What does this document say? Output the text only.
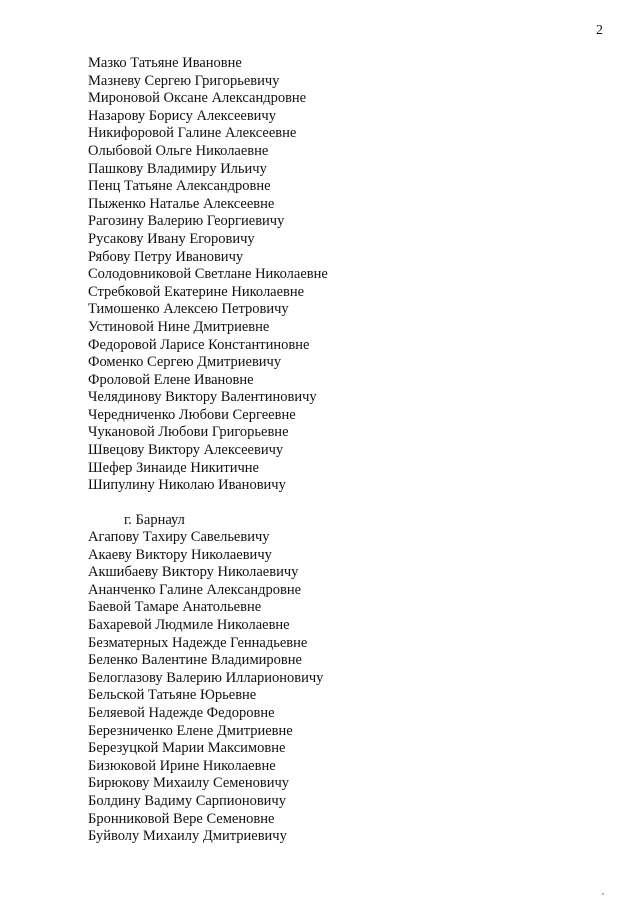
2
Мазко Татьяне Ивановне
Мазневу Сергею Григорьевичу
Мироновой Оксане Александровне
Назарову Борису Алексеевичу
Никифоровой Галине Алексеевне
Олыбовой Ольге Николаевне
Пашкову Владимиру Ильичу
Пенц Татьяне Александровне
Пыженко Наталье Алексеевне
Рагозину Валерию Георгиевичу
Русакову Ивану Егоровичу
Рябову Петру Ивановичу
Солодовниковой Светлане Николаевне
Стребковой Екатерине Николаевне
Тимошенко Алексею Петровичу
Устиновой Нине Дмитриевне
Федоровой Ларисе Константиновне
Фоменко Сергею Дмитриевичу
Фроловой Елене Ивановне
Челядинову Виктору Валентиновичу
Чередниченко Любови Сергеевне
Чукановой Любови Григорьевне
Швецову Виктору Алексеевичу
Шефер Зинаиде Никитичне
Шипулину Николаю Ивановичу
г. Барнаул
Агапову Тахиру Савельевичу
Акаеву Виктору Николаевичу
Акшибаеву Виктору Николаевичу
Ананченко Галине Александровне
Баевой Тамаре Анатольевне
Бахаревой Людмиле Николаевне
Безматерных Надежде Геннадьевне
Беленко Валентине Владимировне
Белоглазову Валерию Илларионовичу
Бельской Татьяне Юрьевне
Беляевой Надежде Федоровне
Березниченко Елене Дмитриевне
Березуцкой Марии Максимовне
Бизюковой Ирине Николаевне
Бирюкову Михаилу Семеновичу
Болдину Вадиму Сарпионовичу
Бронниковой Вере Семеновне
Буйволу Михаилу Дмитриевичу
